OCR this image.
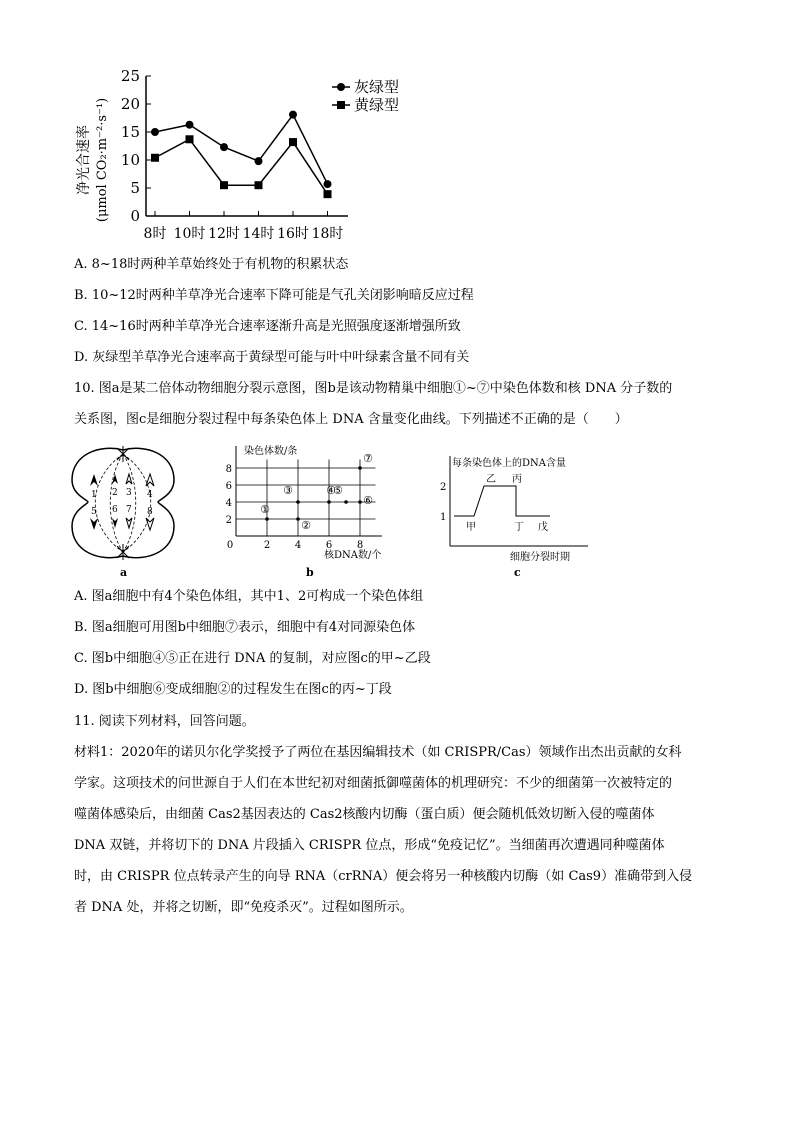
净光合速率 (μmol CO₂·m⁻²·s⁻¹) 0
5
10
15
20
25
8时 10时 12时 14时 16时 18时
灰绿型
黄绿型
A. 8~18时两种羊草始终处于有机物的积累状态
B. 10~12时两种羊草净光合速率下降可能是气孔关闭影响暗反应过程
C. 14~16时两种羊草净光合速率逐渐升高是光照强度逐渐增强所致
D. 灰绿型羊草净光合速率高于黄绿型可能与叶中叶绿素含量不同有关
10. 图a是某二倍体动物细胞分裂示意图，图b是该动物精巢中细胞①~⑦中染色体数和核 DNA 分子数的
关系图，图c是细胞分裂过程中每条染色体上 DNA 含量变化曲线。下列描述不正确的是（　　）
1 2 3 4
5 6 7 8
a
染色体数/条
2
4
6
8
0	2 4 6 8
①
②
③	④
⑤
⑥
⑦
核DNA数/个
b
每条染色体上的DNA含量
1
2
甲
乙 丙
丁 戊
细胞分裂时期
c
A. 图a细胞中有4个染色体组，其中1、2可构成一个染色体组
B. 图a细胞可用图b中细胞⑦表示，细胞中有4对同源染色体
C. 图b中细胞④⑤正在进行 DNA 的复制，对应图c的甲~乙段
D. 图b中细胞⑥变成细胞②的过程发生在图c的丙~丁段
11. 阅读下列材料，回答问题。
材料1：2020年的诺贝尔化学奖授予了两位在基因编辑技术（如 CRISPR/Cas）领域作出杰出贡献的女科
学家。这项技术的问世源自于人们在本世纪初对细菌抵御噬菌体的机理研究：不少的细菌第一次被特定的
噬菌体感染后，由细菌 Cas2基因表达的 Cas2核酸内切酶（蛋白质）便会随机低效切断入侵的噬菌体
DNA 双链，并将切下的 DNA 片段插入 CRISPR 位点，形成“免疫记忆”。当细菌再次遭遇同种噬菌体
时，由 CRISPR 位点转录产生的向导 RNA（crRNA）便会将另一种核酸内切酶（如 Cas9）准确带到入侵
者 DNA 处，并将之切断，即“免疫杀灭”。过程如图所示。
